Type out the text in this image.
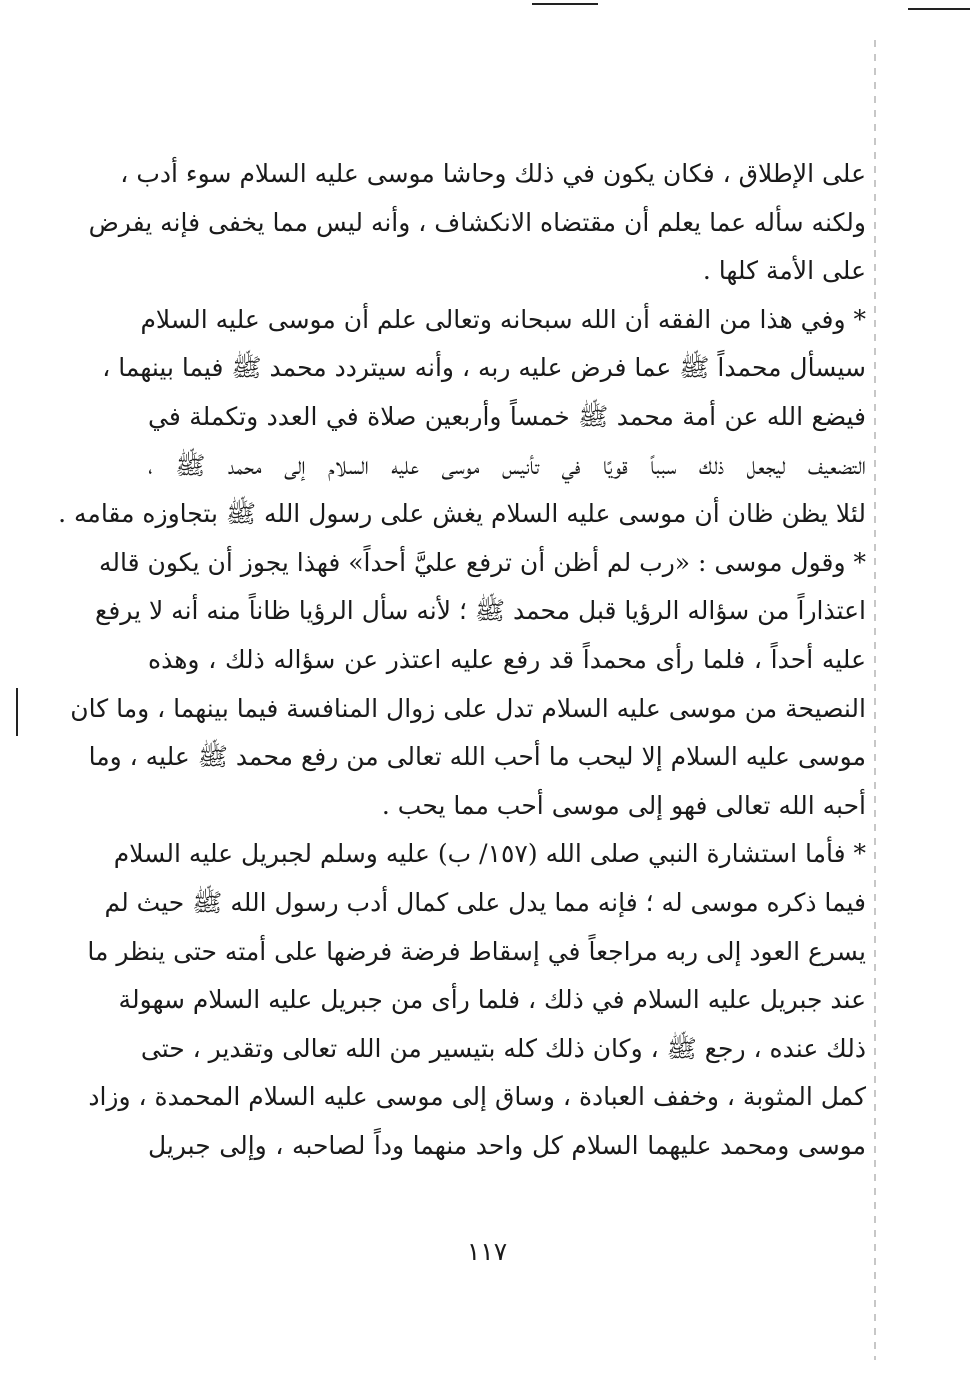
على الإطلاق ، فكان يكون في ذلك وحاشا موسى عليه السلام سوء أدب ،
ولكنه سأله عما يعلم أن مقتضاه الانكشاف ، وأنه ليس مما يخفى فإنه يفرض
على الأمة كلها .
* وفي هذا من الفقه أن الله سبحانه وتعالى علم أن موسى عليه السلام
سيسأل محمداً ﷺ عما فرض عليه ربه ، وأنه سيتردد محمد ﷺ فيما بينهما ،
فيضع الله عن أمة محمد ﷺ خمساً وأربعين صلاة في العدد وتكملة في
التضعيف ليجعل ذلك سبباً قويًا في تأنيس موسى عليه السلام إلى محمد ﷺ ،
لئلا يظن ظان أن موسى عليه السلام يغش على رسول الله ﷺ بتجاوزه مقامه .
* وقول موسى : «رب لم أظن أن ترفع عليَّ أحداً» فهذا يجوز أن يكون قاله
اعتذاراً من سؤاله الرؤيا قبل محمد ﷺ ؛ لأنه سأل الرؤيا ظاناً منه أنه لا يرفع
عليه أحداً ، فلما رأى محمداً قد رفع عليه اعتذر عن سؤاله ذلك ، وهذه
النصيحة من موسى عليه السلام تدل على زوال المنافسة فيما بينهما ، وما كان
موسى عليه السلام إلا ليحب ما أحب الله تعالى من رفع محمد ﷺ عليه ، وما
أحبه الله تعالى فهو إلى موسى أحب مما يحب .
* فأما استشارة النبي صلى الله (١٥٧/ ب) عليه وسلم لجبريل عليه السلام
فيما ذكره موسى له ؛ فإنه مما يدل على كمال أدب رسول الله ﷺ حيث لم
يسرع العود إلى ربه مراجعاً في إسقاط فرضة فرضها على أمته حتى ينظر ما
عند جبريل عليه السلام في ذلك ، فلما رأى من جبريل عليه السلام سهولة
ذلك عنده ، رجع ﷺ ، وكان ذلك كله بتيسير من الله تعالى وتقدير ، حتى
كمل المثوبة ، وخفف العبادة ، وساق إلى موسى عليه السلام المحمدة ، وزاد
موسى ومحمد عليهما السلام كل واحد منهما وداً لصاحبه ، وإلى جبريل
١١٧
